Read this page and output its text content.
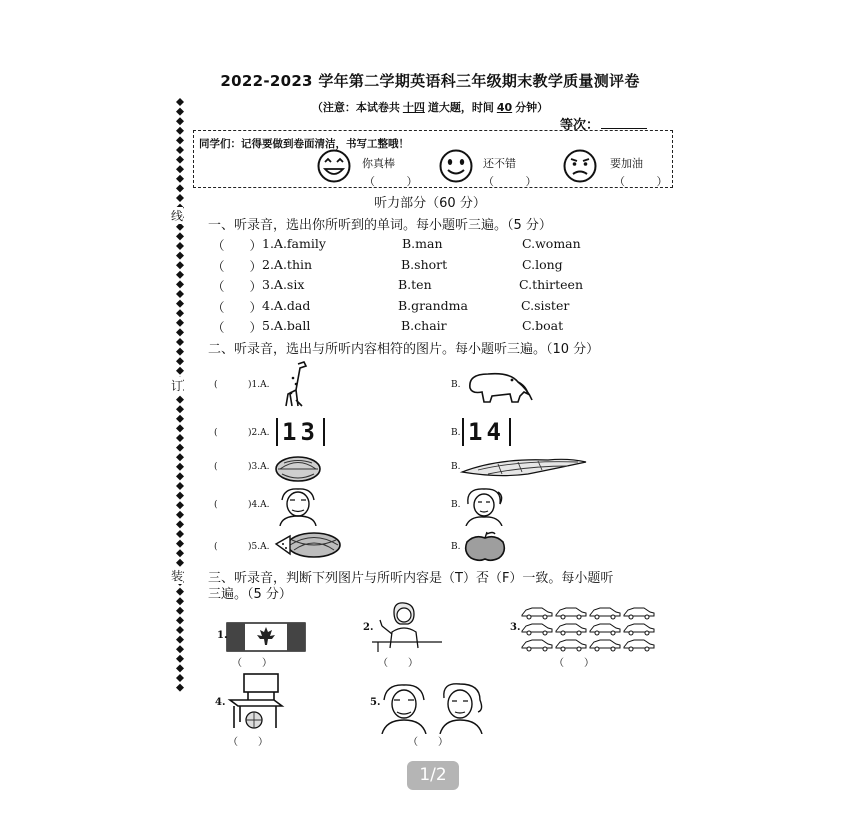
2022-2023 学年第二学期英语科三年级期末教学质量测评卷
（注意：本试卷共 十四 道大题，时间 40 分钟）
等次：
线
订
装
同学们：记得要做到卷面清洁，书写工整哦！
你真棒
（ ）
还不错
（ ）
要加油
（ ）
听力部分（60 分）
一、听录音，选出你所听到的单词。每小题听三遍。（5 分）
（　　） 1.A.family	B.man	C.woman
（　　） 2.A.thin	B.short	C.long
（　　） 3.A.six	B.ten	C.thirteen
（　　） 4.A.dad	B.grandma	C.sister
（　　） 5.A.ball	B.chair	C.boat
二、听录音，选出与所听内容相符的图片。每小题听三遍。（10 分）
(	)1.A.	B.
(	)2.A. 13	B. 14
(	)3.A.	B.
(	)4.A.	B.
(	)5.A.	B.
三、听录音，判断下列图片与所听内容是（T）否（F）一致。每小题听
三遍。（5 分）
1.
（　　）
2.
（　　）
3.
（　　）
4.
（　　）
5.
（　　）
1/2
